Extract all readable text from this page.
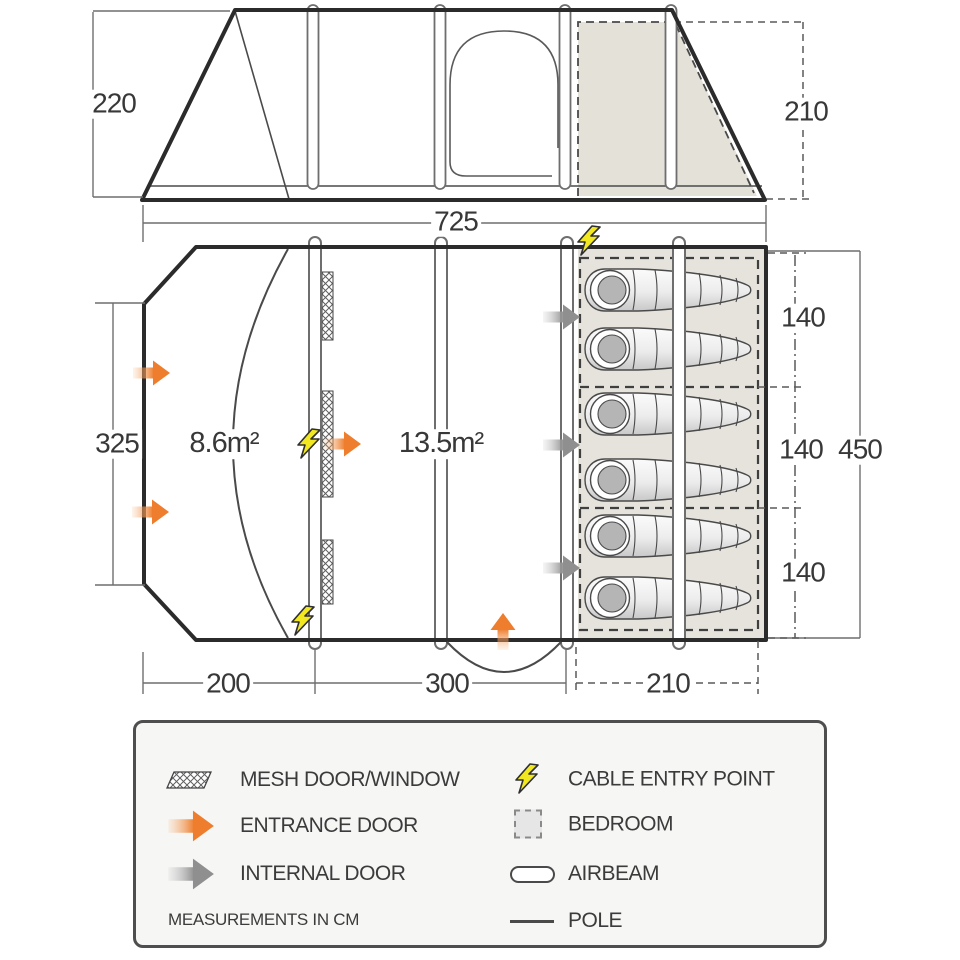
220	210
725
325 8.6m²	13.5m²
140
140 450
140
200	300	210
MESH DOOR/WINDOW
ENTRANCE DOOR
INTERNAL DOOR
MEASUREMENTS IN CM
CABLE ENTRY POINT
BEDROOM
AIRBEAM
POLE
